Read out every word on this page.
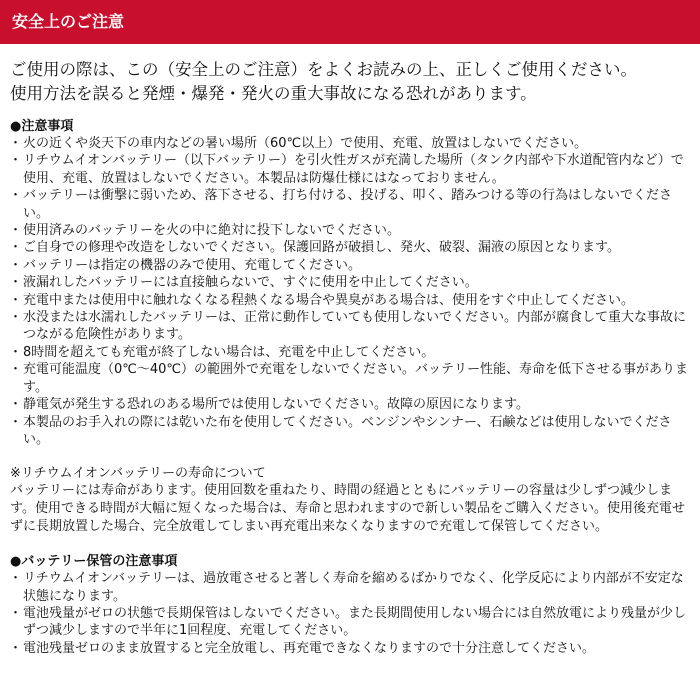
安全上のご注意
ご使用の際は、この（安全上のご注意）をよくお読みの上、正しくご使用ください。
使用方法を誤ると発煙・爆発・発火の重大事故になる恐れがあります。

●注意事項

・ 火の近くや炎天下の車内などの暑い場所（60℃以上）で使用、充電、放置はしないでください。
・ リチウムイオンバッテリー（以下バッテリー）を引火性ガスが充満した場所（タンク内部や下水道配管内など）で使用、充電、放置はしないでください。本製品は防爆仕様にはなっておりません。
・ バッテリーは衝撃に弱いため、落下させる、打ち付ける、投げる、叩く、踏みつける等の行為はしないでください。
・ 使用済みのバッテリーを火の中に絶対に投下しないでください。
・ ご自身での修理や改造をしないでください。保護回路が破損し、発火、破裂、漏液の原因となります。
・ バッテリーは指定の機器のみで使用、充電してください。
・ 液漏れしたバッテリーには直接触らないで、すぐに使用を中止してください。
・ 充電中または使用中に触れなくなる程熱くなる場合や異臭がある場合は、使用をすぐ中止してください。
・ 水没または水濡れしたバッテリーは、正常に動作していても使用しないでください。内部が腐食して重大な事故につながる危険性があります。
・ 8時間を超えても充電が終了しない場合は、充電を中止してください。
・ 充電可能温度（0℃～40℃）の範囲外で充電をしないでください。バッテリー性能、寿命を低下させる事があります。
・ 静電気が発生する恐れのある場所では使用しないでください。故障の原因になります。
・ 本製品のお手入れの際には乾いた布を使用してください。ベンジンやシンナー、石鹸などは使用しないでください。

※リチウムイオンバッテリーの寿命について

バッテリーには寿命があります。使用回数を重ねたり、時間の経過とともにバッテリーの容量は少しずつ減少します。使用できる時間が大幅に短くなった場合は、寿命と思われますので新しい製品をご購入ください。使用後充電せずに長期放置した場合、完全放電してしまい再充電出来なくなりますので充電して保管してください。

●バッテリー保管の注意事項

・ リチウムイオンバッテリーは、過放電させると著しく寿命を縮めるばかりでなく、化学反応により内部が不安定な状態になります。
・ 電池残量がゼロの状態で長期保管はしないでください。また長期間使用しない場合には自然放電により残量が少しずつ減少しますので半年に1回程度、充電してください。
・ 電池残量ゼロのまま放置すると完全放電し、再充電できなくなりますので十分注意してください。
